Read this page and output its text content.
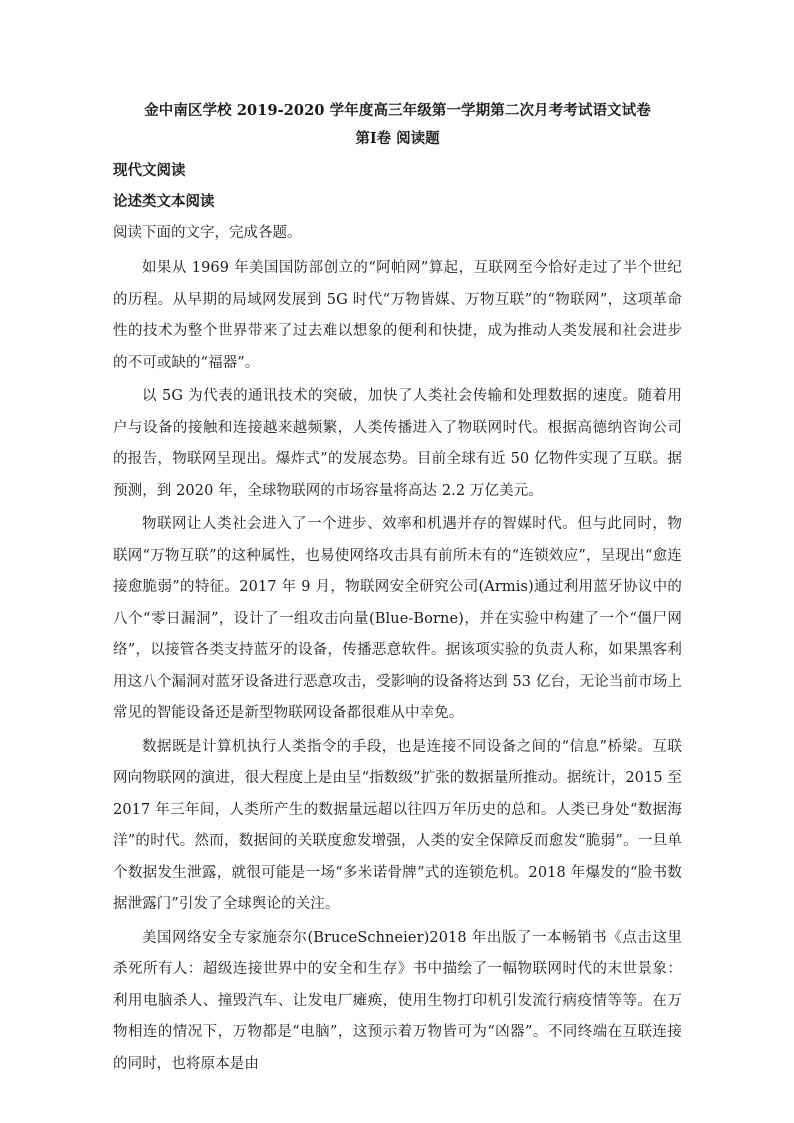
金中南区学校 2019-2020 学年度高三年级第一学期第二次月考考试语文试卷
第Ⅰ卷 阅读题
现代文阅读
论述类文本阅读
阅读下面的文字，完成各题。

如果从 1969 年美国国防部创立的“阿帕网”算起，互联网至今恰好走过了半个世纪的历程。从早期的局域网发展到 5G 时代“万物皆媒、万物互联”的“物联网”，这项革命性的技术为整个世界带来了过去难以想象的便利和快捷，成为推动人类发展和社会进步的不可或缺的“福器”。

以 5G 为代表的通讯技术的突破，加快了人类社会传输和处理数据的速度。随着用户与设备的接触和连接越来越频繁，人类传播进入了物联网时代。根据高德纳咨询公司的报告，物联网呈现出。爆炸式”的发展态势。目前全球有近 50 亿物件实现了互联。据预测，到 2020 年，全球物联网的市场容量将高达 2.2 万亿美元。

物联网让人类社会进入了一个进步、效率和机遇并存的智媒时代。但与此同时，物联网“万物互联”的这种属性，也易使网络攻击具有前所未有的“连锁效应”，呈现出“愈连接愈脆弱”的特征。2017 年 9 月，物联网安全研究公司(Armis)通过利用蓝牙协议中的八个“零日漏洞”，设计了一组攻击向量(Blue-Borne)，并在实验中构建了一个“僵尸网络”，以接管各类支持蓝牙的设备，传播恶意软件。据该项实验的负责人称，如果黑客利用这八个漏洞对蓝牙设备进行恶意攻击，受影响的设备将达到 53 亿台，无论当前市场上常见的智能设备还是新型物联网设备都很难从中幸免。

数据既是计算机执行人类指令的手段，也是连接不同设备之间的“信息”桥梁。互联网向物联网的演进，很大程度上是由呈“指数级”扩张的数据量所推动。据统计，2015 至 2017 年三年间，人类所产生的数据量远超以往四万年历史的总和。人类已身处“数据海洋”的时代。然而，数据间的关联度愈发增强，人类的安全保障反而愈发“脆弱”。一旦单个数据发生泄露，就很可能是一场“多米诺骨牌”式的连锁危机。2018 年爆发的“脸书数据泄露门”引发了全球舆论的关注。

美国网络安全专家施奈尔(BruceSchneier)2018 年出版了一本畅销书《点击这里杀死所有人：超级连接世界中的安全和生存》书中描绘了一幅物联网时代的末世景象：利用电脑杀人、撞毁汽车、让发电厂瘫痪，使用生物打印机引发流行病疫情等等。在万物相连的情况下，万物都是“电脑”，这预示着万物皆可为“凶器”。不同终端在互联连接的同时，也将原本是由
